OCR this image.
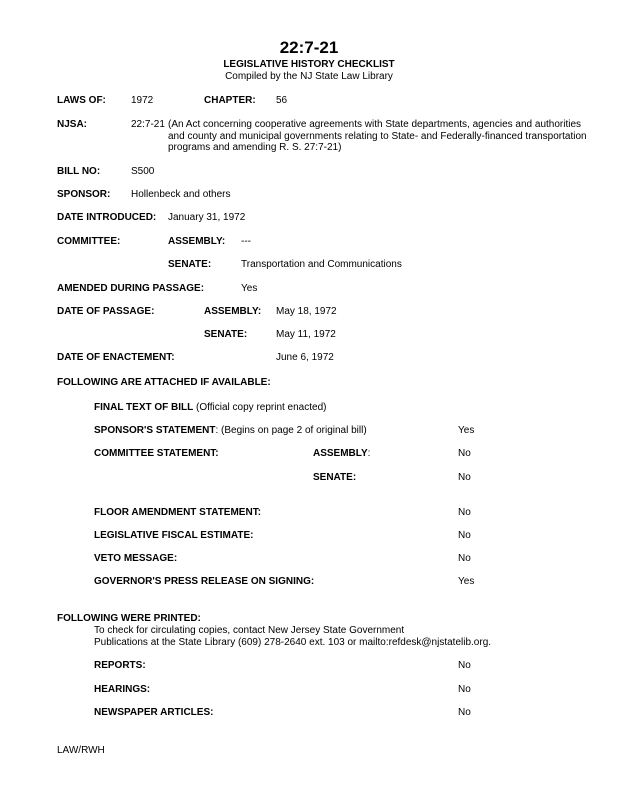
22:7-21
LEGISLATIVE HISTORY CHECKLIST
Compiled by the NJ State Law Library
LAWS OF:	1972	CHAPTER: 56
NJSA:	22:7-21 (An Act concerning cooperative agreements with State departments, agencies and authorities and county and municipal governments relating to State- and Federally-financed transportation programs and amending R. S. 27:7-21)
BILL NO:	S500
SPONSOR: Hollenbeck and others
DATE INTRODUCED: January 31, 1972
COMMITTEE:	ASSEMBLY: ---
SENATE:	Transportation and Communications
AMENDED DURING PASSAGE:	Yes
DATE OF PASSAGE:	ASSEMBLY: May 18, 1972
SENATE:	May 11, 1972
DATE OF ENACTEMENT:	June 6, 1972
FOLLOWING ARE ATTACHED IF AVAILABLE:
FINAL TEXT OF BILL (Official copy reprint enacted)
SPONSOR'S STATEMENT: (Begins on page 2 of original bill)	Yes
COMMITTEE STATEMENT:	ASSEMBLY:	No
SENATE:	No
FLOOR AMENDMENT STATEMENT:	No
LEGISLATIVE FISCAL ESTIMATE:	No
VETO MESSAGE:	No
GOVERNOR'S PRESS RELEASE ON SIGNING:	Yes
FOLLOWING WERE PRINTED:
To check for circulating copies, contact New Jersey State Government
Publications at the State Library (609) 278-2640 ext. 103 or mailto:refdesk@njstatelib.org.
REPORTS:	No
HEARINGS:	No
NEWSPAPER ARTICLES:	No
LAW/RWH
